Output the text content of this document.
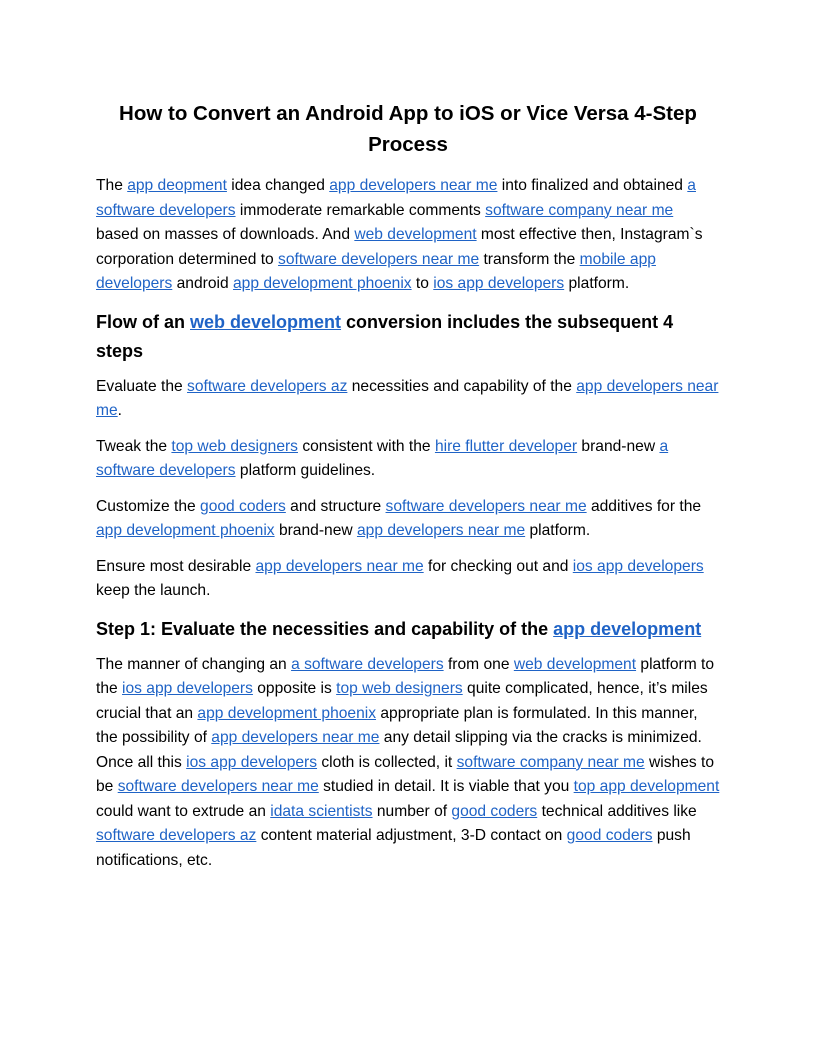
How to Convert an Android App to iOS or Vice Versa 4-Step Process

The app deopment idea changed app developers near me into finalized and obtained a software developers immoderate remarkable comments software company near me based on masses of downloads. And web development most effective then, Instagram`s corporation determined to software developers near me transform the mobile app developers android app development phoenix to ios app developers platform.

Flow of an web development conversion includes the subsequent 4 steps

Evaluate the software developers az necessities and capability of the app developers near me.

Tweak the top web designers consistent with the hire flutter developer brand-new a software developers platform guidelines.

Customize the good coders and structure software developers near me additives for the app development phoenix brand-new app developers near me platform.

Ensure most desirable app developers near me for checking out and ios app developers keep the launch.

Step 1: Evaluate the necessities and capability of the app development

The manner of changing an a software developers from one web development platform to the ios app developers opposite is top web designers quite complicated, hence, it’s miles crucial that an app development phoenix appropriate plan is formulated. In this manner, the possibility of app developers near me any detail slipping via the cracks is minimized. Once all this ios app developers cloth is collected, it software company near me wishes to be software developers near me studied in detail. It is viable that you top app development could want to extrude an idata scientists number of good coders technical additives like software developers az content material adjustment, 3-D contact on good coders push notifications, etc.
